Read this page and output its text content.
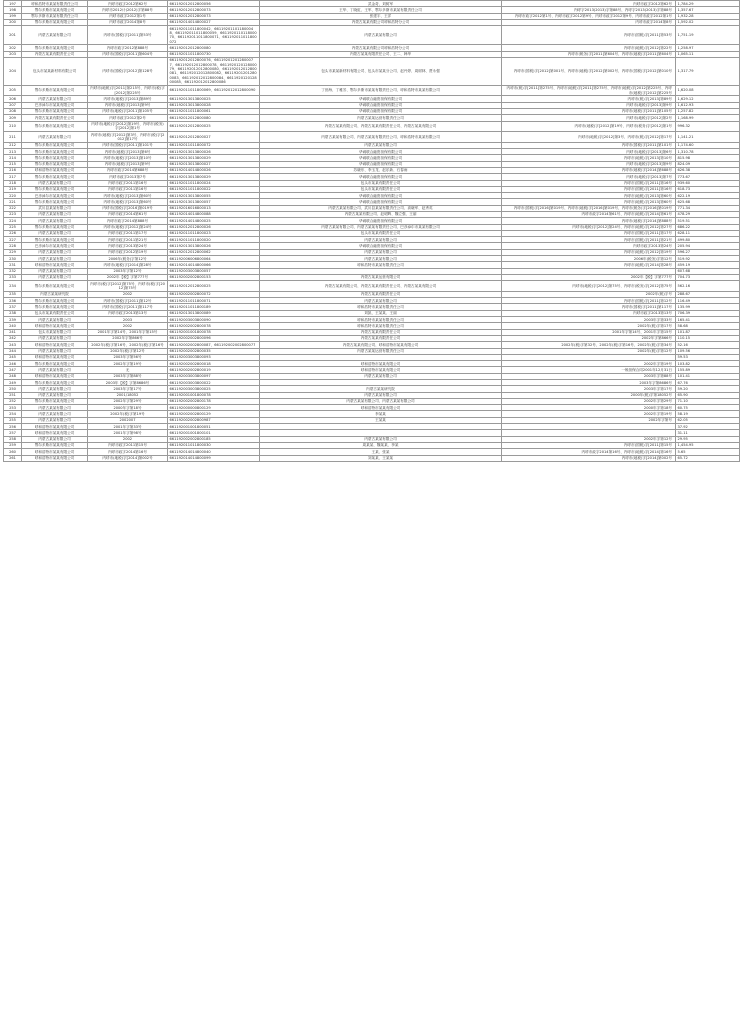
197	呼和浩特市某某有限责任公司	内呼市政字2012第62号	661192012012800056	武金奇、刘树军	内呼市政字2012第62号	1,784.29
198	鄂尔多斯市某某有限公司	内呼市2012计(2012)字第88号	661192012012800073	王华、丁晓虹、王军、鄂尔多斯市某某有限责任公司	内呼字2013(2013)字第88号、内呼字2013(2013)字第88号	1,357.67
199	鄂尔多斯市某某有限责任公司	内呼市政字2012第1号	661192012012800073	张建宇、王洋	内呼市政字2012第1号、内呼市政字2012第9号、内呼市政字2012第9号、内呼市政字2012第1号	1,932.28
200	鄂尔多斯市某某有限公司	内呼市政字2014第8号	661192014014800027	内蒙古某某有限公司呼和浩特分公司	内呼市政字2014第8号	1,592.02
201	内蒙古某某有限公司	内呼市(国税)字[2011]第53号	661192011011800042、661192011011800048、661192011011800059、661192011011800070、661192011011800071、661192011011800072	内蒙古某某有限公司	内呼市(国税)字[2011]第53号	1,751.19
202	鄂尔多斯市某某有限公司	内呼市政字2012第888号	661192012012800080	内蒙古某某有限公司呼和浩特分公司	内呼市(地税)字[2012]第22号	1,258.97
203	内蒙古某某有限责任公司	内呼市(国税)字[2011]第604号	661192011011800730	内蒙古某某有限责任公司、王二、韩华	内呼市(税务)字[2011]第604号、内呼市(地税)字[2011]第604号	1,065.11
204	包头市某某新材料有限公司	内呼市(国税)字[2012]第128号	661192012012800076、661192012012800077、661192012012800078、661192012012800079、661192012012800080、661192012012800081、661192012012800082、661192012012800083、661192012012800084、661192012012800085、661192012012800086	包头市某某新材料有限公司、包头市某某分公司、赵丹婷、周树林、贾永强	内呼市(国税)字[2012]第001号、内呼市(地税)字[2012]第002号、内呼市(国税)字[2012]第010号	1,317.79
205	鄂尔多斯市某某有限公司	内呼市(地税)字[2011]第215号、内呼市(税)字[2012]第225号	661192011011800069、661192012012800090	丁世海、丁雅芳、鄂尔多斯市某某有限责任公司、呼和浩特市某某有限公司	内呼市(税)字[2011]第275号、内呼市(地税)字[2011]第275号、内呼市(地税)字[2012]第225号、内呼市(地税)字[2012]第225号	1,620.08
206	内蒙古某某有限公司	内呼市(地税)字[2013]第89号	661192013013800025	华诚联合融资担保有限公司	内呼市(税)字[2013]第89号	1,629.12
207	巴彦淖尔市某某有限公司	内呼市(地税)字[2013]第9号	661192013013800028	华诚联合融资担保有限公司	内呼市(地税)字[2013]第9号	1,612.93
208	鄂尔多斯市某某有限公司	内呼市(地税)字[2011]第105号	661192011011800061	华诚联合融资担保有限公司	内呼市(地税)字[2011]第105号	1,257.82
209	内蒙古某某有限责任公司	内呼市政字2012第2号	661192012012800080	内蒙古某某运营有限责任公司	内呼市(地税)字[2012]第2号	1,168.99
210	鄂尔多斯市某某有限公司	内呼市(地税)字[2012]第19号、内呼市(税务)字[2012]第1号	661192012012800025	内蒙古某某有限公司、内蒙古某某有限责任公司、内蒙古某某有限公司	内呼市(地税)字[2012]第19号、内呼市(税务)字[2012]第1号	996.32
211	内蒙古某某有限公司	内呼市(地税)字[2012]第3号、内呼市(税)字[2012]第17号	661192012012800027	内蒙古某某有限公司、内蒙古某某有限责任公司、呼和浩特市某某有限公司	内呼市(地税)字[2012]第3号、内呼市(税)字[2012]第17号	1,141.21
212	鄂尔多斯市某某有限公司	内呼市(国税)字[2011]第101号	661192011011800072	内蒙古某某有限公司	内呼市(国税)字[2011]第101号	1,174.60
213	鄂尔多斯市某某有限公司	内呼市(地税)字[2013]第6号	661192013013800026	华诚联合融资担保有限公司	内呼市(地税)字[2013]第6号	1,310.78
214	鄂尔多斯市某某有限公司	内呼市(地税)字[2013]第10号	661192013013800029	华诚联合融资担保有限公司	内呼市(地税)字[2013]第10号	815.98
215	鄂尔多斯市某某有限公司	内呼市(地税)字[2013]第9号	661192013013800027	华诚联合融资担保有限公司	内呼市(地税)字[2013]第9号	824.09
216	呼和浩特市某某有限公司	内呼市政字2014第688号	661192014014800026	苏晓东、李玉龙、赵乐新、石春雨	内呼市(地税)字[2014]第688号	626.38
217	鄂尔多斯市某某有限公司	内呼市政字2013第7号	661192013013800029	华诚联合融资担保有限公司	内呼市(地税)字[2013]第7号	773.67
218	内蒙古某某有限公司	内呼市政字2011第16号	661192011011800024	包头市某某有限责任公司	内呼市(国税)字[2011]第16号	939.60
219	鄂尔多斯市某某有限公司	内呼市政字2011第16号	661192011011800022	包头市某某有限责任公司	内呼市(国税)字[2011]第16号	618.73
220	巴彦淖尔市某某有限公司	内呼市(地税)字[2013]第60号	661192013013800055	华诚联合融资担保有限公司	内呼市(地税)字[2013]第60号	622.19
221	鄂尔多斯市某某有限公司	内呼市(地税)字[2013]第60号	661192013013800057	华诚联合融资担保有限公司	内呼市(地税)字[2013]第60号	625.68
222	武川县某某有限公司	内呼市(国税)字[2016]第019号	661192016016800013	内蒙古某某有限公司、武川县某某有限责任公司、高晓军、赵秀英	内呼市(国税)字[2016]第019号、内呼市(地税)字[2016]第019号、内呼市(税务)字[2016]第019号	771.34
223	内蒙古某某有限公司	内呼市政字2014第61号	661192014014800088	内蒙古某某有限公司、赵明辉、魏立强、王丽	内呼市政字2014第61号、内呼市(地税)字[2014]第61号	478.29
224	内蒙古某某有限公司	内呼市政字2014第888号	661192014014800025	华诚联合融资担保有限公司	内呼市(地税)字[2014]第888号	519.51
225	鄂尔多斯市某某有限公司	内呼市(地税)字[2012]第24号	661192012012800026	内蒙古某某有限公司、内蒙古某某有限责任公司、巴彦淖尔市某某有限公司	内呼市(地税)字[2012]第24号、内呼市(地税)字[2012]第27号	686.22
226	内蒙古某某有限公司	内呼市政字2011第17号	661192011011800023	包头市某某有限责任公司	内呼市(国税)字[2011]第17号	628.11
227	鄂尔多斯市某某有限公司	内呼市政字2011第21号	661192011011800020	内蒙古某某有限公司	内呼市(国税)字[2011]第21号	499.80
228	巴彦淖尔市某某有限公司	内呼市政字2013第24号	661192013013800026	华诚联合融资担保有限公司	内呼市政字2013第24号	205.94
229	内蒙古某某有限公司	内呼市政字2012第19号	661192012012800062	内蒙古某某有限公司	内呼市(地税)字[2012]第19号	596.27
230	内蒙古某某有限公司	2006年(税务)字第12号	661192006006800064	内蒙古某某有限公司	2006年(税务)字第12号	519.92
231	呼和浩特市某某有限公司	内呼市(地税)字[2014]第28号	661192014014800066	呼和浩特市某某有限责任公司	内呼市(地税)字[2014]第28号	459.19
232	内蒙古某某有限公司	2003年字第12号	661192003003800057			607.68
233	内蒙古某某有限公司	2002年【税】字第777号	661192002002800153	内蒙古某某运营有限公司	2002年【税】字第777号	704.73
234	鄂尔多斯市某某有限公司	内呼市(税)字[2012]第75号、内呼市(税)字[2012]第75号	661192012012800025	内蒙古某某有限公司、内蒙古某某有限责任公司、内蒙古某某有限公司	内呼市(地税)字[2012]第75号、内呼市(税务)字[2012]第75号	562.16
235	内蒙古某某研究院	2002	661192002002800072	内蒙古某某有限责任公司	2002年(税)字号	288.67
236	鄂尔多斯市某某有限公司	内呼市(国税)字[2011]第12号	661192011011800071	内蒙古某某有限公司	内呼市(国税)字[2011]第12号	116.49
237	鄂尔多斯市某某有限公司	内呼市(国税)字[2011]第117号	661192011011800189	呼和浩特市某某有限责任公司	内呼市(国税)字[2011]第117号	135.99
238	包头市某某有限责任公司	内呼市政字2013第13号	661192013013800089	刘凯、王某某、王丽	内呼市政字2013第13号	706.39
239	内蒙古某某有限公司	2003	661192003003800090	呼和浩特市某某有限责任公司	2003年字第33号	165.41
240	呼和浩特市某某有限公司	2002	661192002002800078	呼和浩特市某某有限责任公司	2002年(税)字第17号	58.68
241	包头市某某有限公司	2001年字第14号、2001年字第15号	661192001001800078	内蒙古某某有限责任公司	2001年字第14号、2001年字第15号	101.87
242	内蒙古某某有限公司	2002年字第866号	661192002002800096	内蒙古某某有限责任公司	2002年字第866号	110.15
243	呼和浩特市某某有限公司	2002年(税)字第16号、2002年(税)字第16号	661192002002800087、661192002002800077	内蒙古某某有限公司、呼和浩特市某某有限公司	2002年(税)字第32号、2002年(税)字第16号、2002年(税)字第34号	52.16
244	内蒙古某某有限公司	2002年(税)字第12号	661192002002800035	内蒙古某某运营有限责任公司	2002年(税)字第12号	109.56
245	呼和浩特市某某有限公司	2003年字第56号	661192003003800093			59.53
246	鄂尔多斯市某某有限公司	2002年字第19号	661192002002800018	呼和浩特市某某有限公司	2002年字第19号	103.82
247	内蒙古某某有限公司	无	661192002002800019	呼和浩特市某某有限公司	一般担保合同2001年12月31日	155.89
248	呼和浩特市某某有限公司	2003年字第88号	661192003003800097	内蒙古某某有限公司	2003年字第88号	101.41
249	鄂尔多斯市某某有限公司	2003年【税】字第8686号	661192003003800022		2003年字第8686号	67.76
250	内蒙古某某有限公司	2003年字第17号	661192003003800025	内蒙古某某研究院	2003年字第17号	59.20
251	内蒙古某某有限公司	2001/18052	661192001001800078	内蒙古某某有限公司	2000年(税)字第18052号	65.90
252	鄂尔多斯市某某有限公司	2002年字第29号	661192002002800178	内蒙古某某有限公司、内蒙古某某有限公司	2002年字第29号	71.10
253	内蒙古某某有限公司	2000年字第18号	661192000000800129	呼和浩特市某某有限公司	2000年字第18号	60.75
254	内蒙古某某有限公司	2002年(税)字第19号	661192002002800129	李某某	2002年字第19号	58.19
255	内蒙古某某有限公司	2002007	661192002002800987	王某某	2002年字第号	62.05
256	呼和浩特市某某有限公司	2001年字第33号	661192001001800051			37.92
257	呼和浩特市某某有限公司	2001年字第98号	661192001001800101			31.11
258	内蒙古某某有限公司	2002	661192002002800185	内蒙古某某有限公司	2002年字第12号	29.95
259	鄂尔多斯市某某有限公司	内呼市政字2011第15号	661192011011800030	周某某、魏某某、李某	内呼市(国税)字[2011]第15号	1,454.95
260	呼和浩特市某某有限公司	内呼市政字2014第16号	661192014014800040	王某、张某	内呼市政字2014第16号、内呼市(地税)字[2014]第16号	5.65
261	呼和浩特市某某有限公司	内呼市(地税)字[2014]第002号	661192014014800099	刘某某、王某某	内呼市(地税)字[2014]第002号	65.72
